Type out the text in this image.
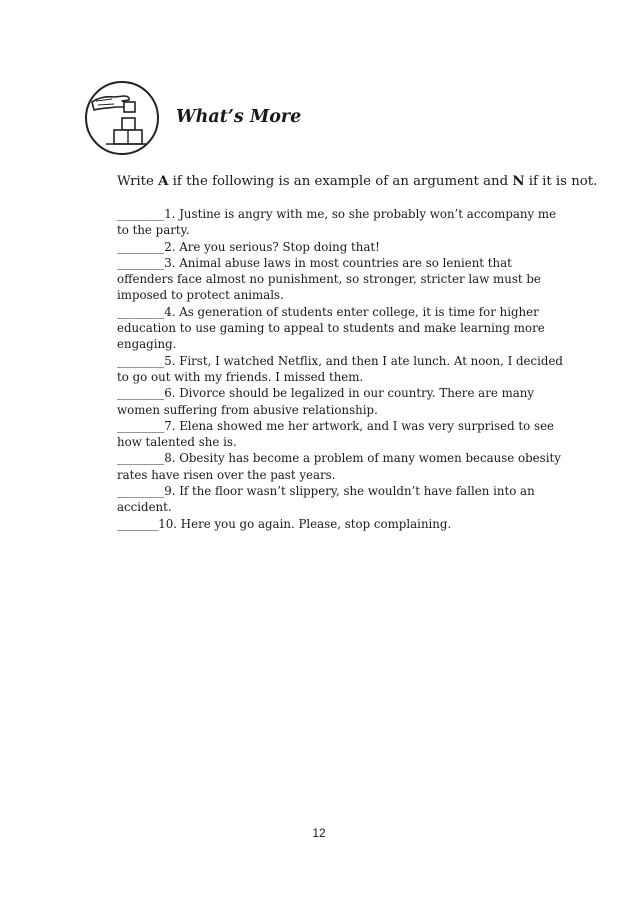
What’s More
Write A if the following is an example of an argument and N if it is not.

________1. Justine is angry with me, so she probably won’t accompany me to the party.

________2. Are you serious? Stop doing that!

________3. Animal abuse laws in most countries are so lenient that offenders face almost no punishment, so stronger, stricter law must be imposed to protect animals.

________4. As generation of students enter college, it is time for higher education to use gaming to appeal to students and make learning more engaging.

________5. First, I watched Netflix, and then I ate lunch. At noon, I decided to go out with my friends. I missed them.

________6. Divorce should be legalized in our country. There are many women suffering from abusive relationship.

________7. Elena showed me her artwork, and I was very surprised to see how talented she is.

________8. Obesity has become a problem of many women because obesity rates have risen over the past years.

________9. If the floor wasn’t slippery, she wouldn’t have fallen into an accident.

_______10. Here you go again. Please, stop complaining.

12
